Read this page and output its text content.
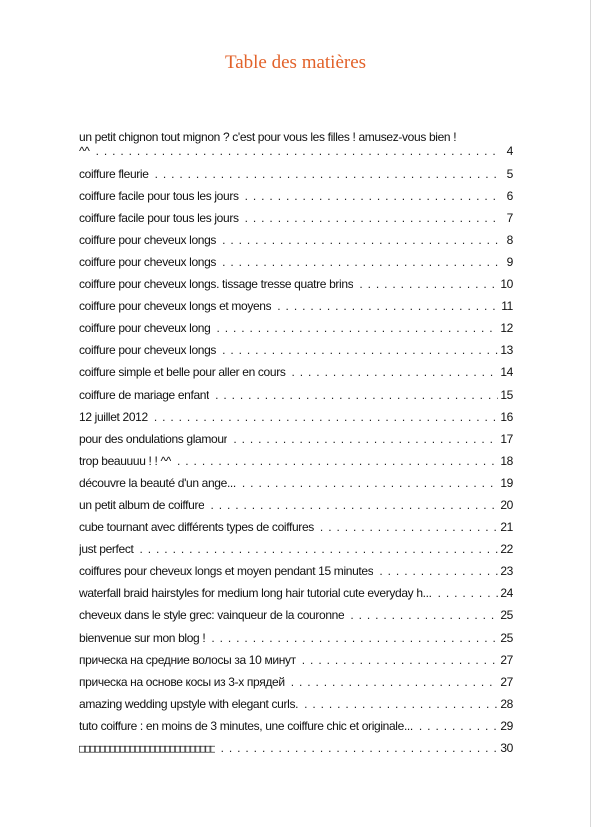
Table des matières
un petit chignon tout mignon ? c'est pour vous les filles ! amusez-vous bien !
^^ . . .	4
coiffure fleurie . . .	5
coiffure facile pour tous les jours . . .	6
coiffure facile pour tous les jours . . .	7
coiffure pour cheveux longs . . .	8
coiffure pour cheveux longs . . .	9
coiffure pour cheveux longs. tissage tresse quatre brins . . .	10
coiffure pour cheveux longs et moyens . . .	11
coiffure pour cheveux long . . .	12
coiffure pour cheveux longs . . .	13
coiffure simple et belle pour aller en cours . . .	14
coiffure de mariage enfant . . .	15
12 juillet 2012 . . .	16
pour des ondulations glamour . . .	17
trop beauuuu ! ! ^^ . . .	18
découvre la beauté d'un ange... . . .	19
un petit album de coiffure . . .	20
cube tournant avec différents types de coiffures . . .	21
just perfect . . .	22
coiffures pour cheveux longs et moyen pendant 15 minutes . . .	23
waterfall braid hairstyles for medium long hair tutorial cute everyday h... . . .	24
cheveux dans le style grec: vainqueur de la couronne . . .	25
bienvenue sur mon blog ! . . .	25
прическа на средние волосы за 10 минут . . .	27
прическа на основе косы из 3-х прядей . . .	27
amazing wedding upstyle with elegant curls. . . .	28
tuto coiffure : en moins de 3 minutes, une coiffure chic et originale... . . .	29
□□□□□□□□□□□□□□□□□□□□□□□□□□□ . . .	30
